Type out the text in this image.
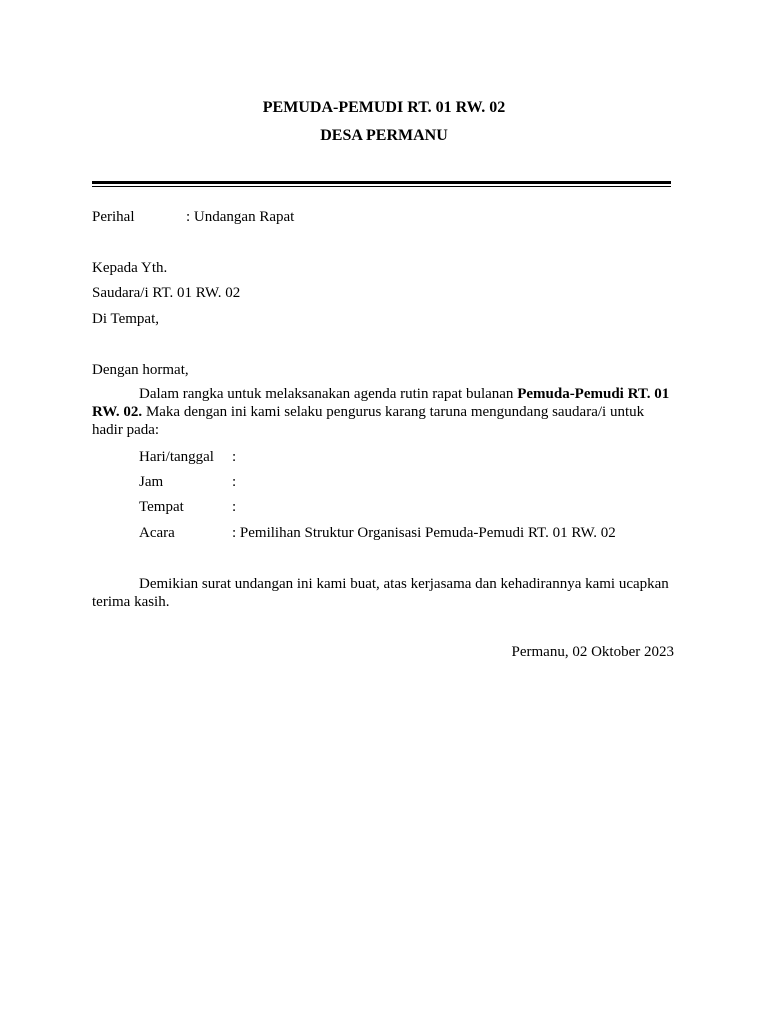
PEMUDA-PEMUDI RT. 01 RW. 02
DESA PERMANU
Perihal	: Undangan Rapat
Kepada Yth.
Saudara/i RT. 01 RW. 02
Di Tempat,
Dengan hormat,
Dalam rangka untuk melaksanakan agenda rutin rapat bulanan Pemuda-Pemudi RT. 01 RW. 02. Maka dengan ini kami selaku pengurus karang taruna mengundang saudara/i untuk hadir pada:
Hari/tanggal :
Jam	:
Tempat	:
Acara	: Pemilihan Struktur Organisasi Pemuda-Pemudi RT. 01 RW. 02
Demikian surat undangan ini kami buat, atas kerjasama dan kehadirannya kami ucapkan terima kasih.
Permanu, 02 Oktober 2023
